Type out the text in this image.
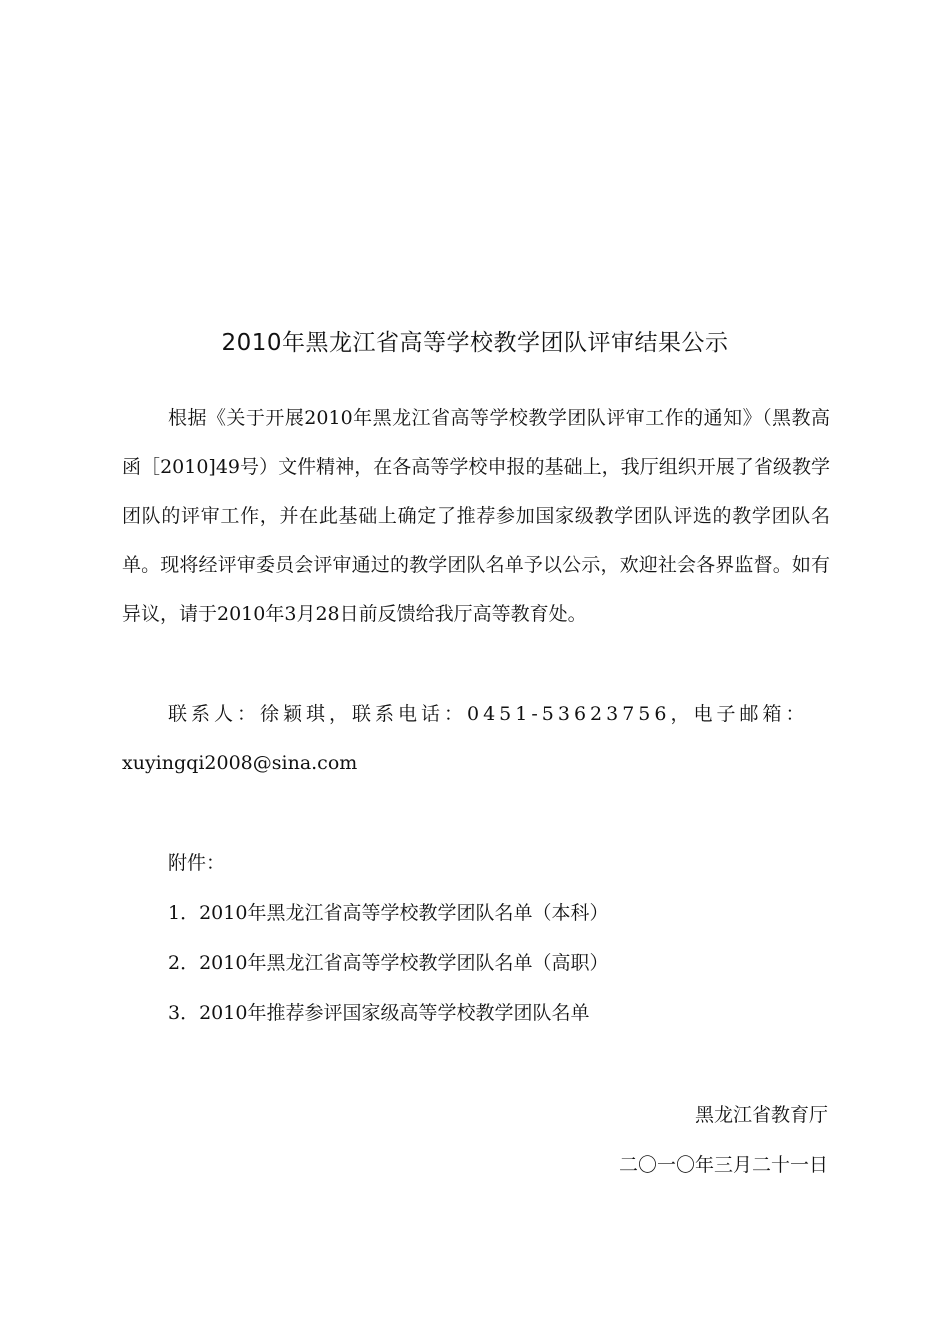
2010年黑龙江省高等学校教学团队评审结果公示

根据《关于开展2010年黑龙江省高等学校教学团队评审工作的通知》（黑教高函［2010]49号）文件精神，在各高等学校申报的基础上，我厅组织开展了省级教学团队的评审工作，并在此基础上确定了推荐参加国家级教学团队评选的教学团队名单。现将经评审委员会评审通过的教学团队名单予以公示，欢迎社会各界监督。如有异议，请于2010年3月28日前反馈给我厅高等教育处。

联系人：徐颖琪，联系电话：0451-53623756，电子邮箱：
xuyingqi2008@sina.com

附件：
1．2010年黑龙江省高等学校教学团队名单（本科）
2．2010年黑龙江省高等学校教学团队名单（高职）
3．2010年推荐参评国家级高等学校教学团队名单
黑龙江省教育厅
二〇一〇年三月二十一日
